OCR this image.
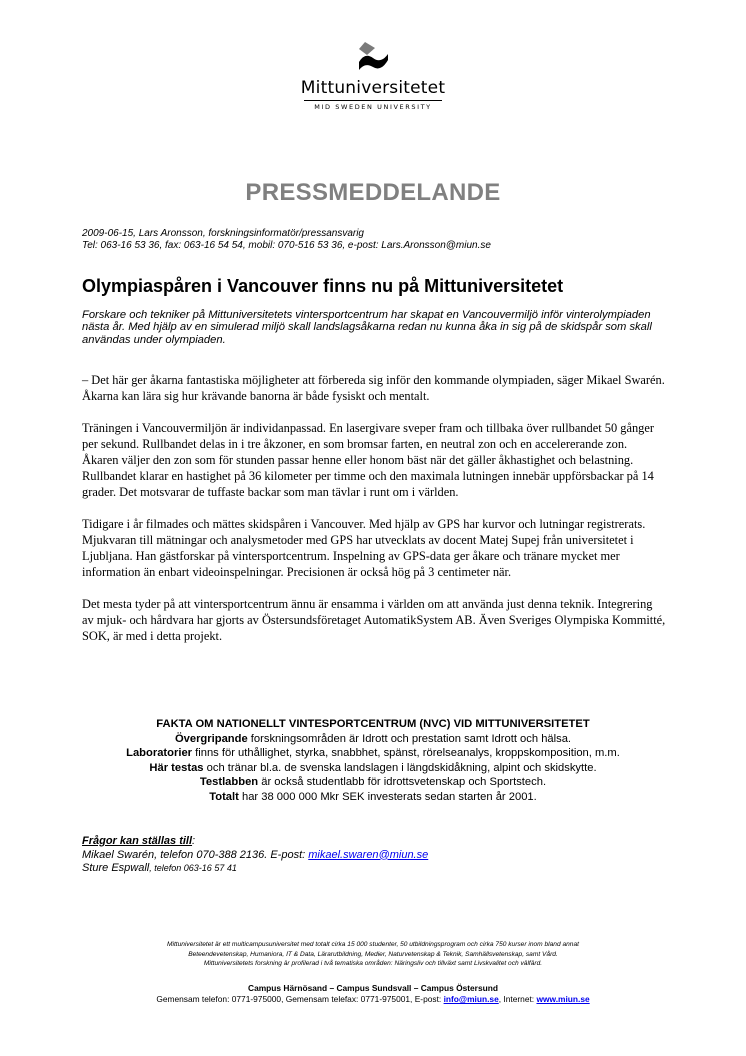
Mittuniversitetet
MID SWEDEN UNIVERSITY
PRESSMEDDELANDE
2009-06-15, Lars Aronsson, forskningsinformatör/pressansvarig
Tel: 063-16 53 36, fax: 063-16 54 54, mobil: 070-516 53 36, e-post: Lars.Aronsson@miun.se
Olympiaspåren i Vancouver finns nu på Mittuniversitetet
Forskare och tekniker på Mittuniversitetets vintersportcentrum har skapat en Vancouvermiljö inför vinterolympiaden nästa år. Med hjälp av en simulerad miljö skall landslagsåkarna redan nu kunna åka in sig på de skidspår som skall användas under olympiaden.

– Det här ger åkarna fantastiska möjligheter att förbereda sig inför den kommande olympiaden, säger Mikael Swarén. Åkarna kan lära sig hur krävande banorna är både fysiskt och mentalt.

Träningen i Vancouvermiljön är individanpassad. En lasergivare sveper fram och tillbaka över rullbandet 50 gånger per sekund. Rullbandet delas in i tre åkzoner, en som bromsar farten, en neutral zon och en accelererande zon. Åkaren väljer den zon som för stunden passar henne eller honom bäst när det gäller åkhastighet och belastning. Rullbandet klarar en hastighet på 36 kilometer per timme och den maximala lutningen innebär uppförsbackar på 14 grader. Det motsvarar de tuffaste backar som man tävlar i runt om i världen.

Tidigare i år filmades och mättes skidspåren i Vancouver. Med hjälp av GPS har kurvor och lutningar registrerats. Mjukvaran till mätningar och analysmetoder med GPS har utvecklats av docent Matej Supej från universitetet i Ljubljana. Han gästforskar på vintersportcentrum. Inspelning av GPS-data ger åkare och tränare mycket mer information än enbart videoinspelningar. Precisionen är också hög på 3 centimeter när.

Det mesta tyder på att vintersportcentrum ännu är ensamma i världen om att använda just denna teknik. Integrering av mjuk- och hårdvara har gjorts av Östersundsföretaget AutomatikSystem AB. Även Sveriges Olympiska Kommitté, SOK, är med i detta projekt.

FAKTA OM NATIONELLT VINTESPORTCENTRUM (NVC) VID MITTUNIVERSITETET
Övergripande forskningsområden är Idrott och prestation samt Idrott och hälsa.
Laboratorier finns för uthållighet, styrka, snabbhet, spänst, rörelseanalys, kroppskomposition, m.m.
Här testas och tränar bl.a. de svenska landslagen i längdskidåkning, alpint och skidskytte.
Testlabben är också studentlabb för idrottsvetenskap och Sportstech.
Totalt har 38 000 000 Mkr SEK investerats sedan starten år 2001.
Frågor kan ställas till:
Mikael Swarén, telefon 070-388 2136. E-post: mikael.swaren@miun.se
Sture Espwall, telefon 063-16 57 41
Mittuniversitetet är ett multicampusuniversitet med totalt cirka 15 000 studenter, 50 utbildningsprogram och cirka 750 kurser inom bland annat
Beteendevetenskap, Humaniora, IT & Data, Lärarutbildning, Medier, Naturvetenskap & Teknik, Samhällsvetenskap, samt Vård.
Mittuniversitetets forskning är profilerad i två tematiska områden: Näringsliv och tillväxt samt Livskvalitet och välfärd.
Campus Härnösand – Campus Sundsvall – Campus Östersund
Gemensam telefon: 0771-975000, Gemensam telefax: 0771-975001, E-post: info@miun.se, Internet: www.miun.se
